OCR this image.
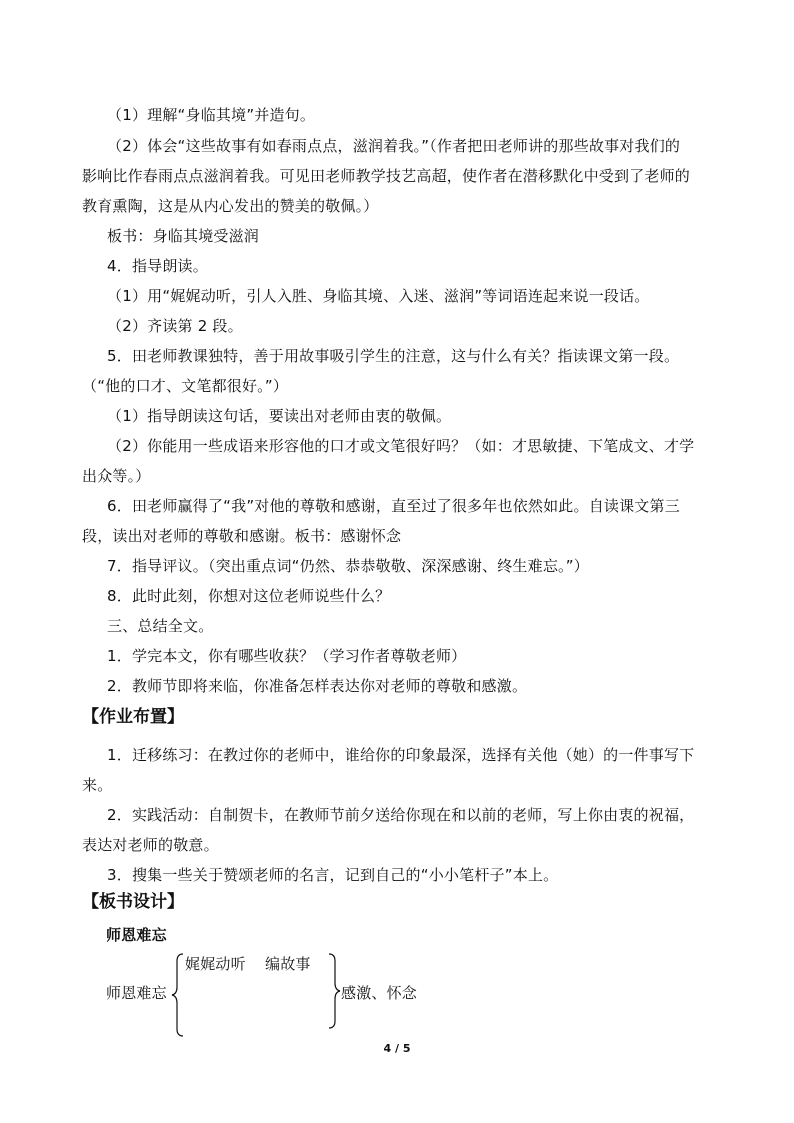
（1）理解“身临其境”并造句。
（2）体会“这些故事有如春雨点点，滋润着我。”（作者把田老师讲的那些故事对我们的
影响比作春雨点点滋润着我。可见田老师教学技艺高超，使作者在潜移默化中受到了老师的
教育熏陶，这是从内心发出的赞美的敬佩。）
板书：身临其境受滋润
4．指导朗读。
（1）用“娓娓动听，引人入胜、身临其境、入迷、滋润”等词语连起来说一段话。
（2）齐读第 2 段。
5．田老师教课独特，善于用故事吸引学生的注意，这与什么有关？指读课文第一段。
（“他的口才、文笔都很好。”）
（1）指导朗读这句话，要读出对老师由衷的敬佩。
（2）你能用一些成语来形容他的口才或文笔很好吗？（如：才思敏捷、下笔成文、才学
出众等。）
6．田老师赢得了“我”对他的尊敬和感谢，直至过了很多年也依然如此。自读课文第三
段，读出对老师的尊敬和感谢。板书：感谢怀念
7．指导评议。（突出重点词“仍然、恭恭敬敬、深深感谢、终生难忘。”）
8．此时此刻，你想对这位老师说些什么？
三、总结全文。
1．学完本文，你有哪些收获？（学习作者尊敬老师）
2．教师节即将来临，你准备怎样表达你对老师的尊敬和感激。
【作业布置】
1．迁移练习：在教过你的老师中，谁给你的印象最深，选择有关他（她）的一件事写下
来。
2．实践活动：自制贺卡，在教师节前夕送给你现在和以前的老师，写上你由衷的祝福，
表达对老师的敬意。
3．搜集一些关于赞颂老师的名言，记到自己的“小小笔杆子”本上。
【板书设计】
师恩难忘
师恩难忘
娓娓动听 编故事
感激、怀念
4 / 5
